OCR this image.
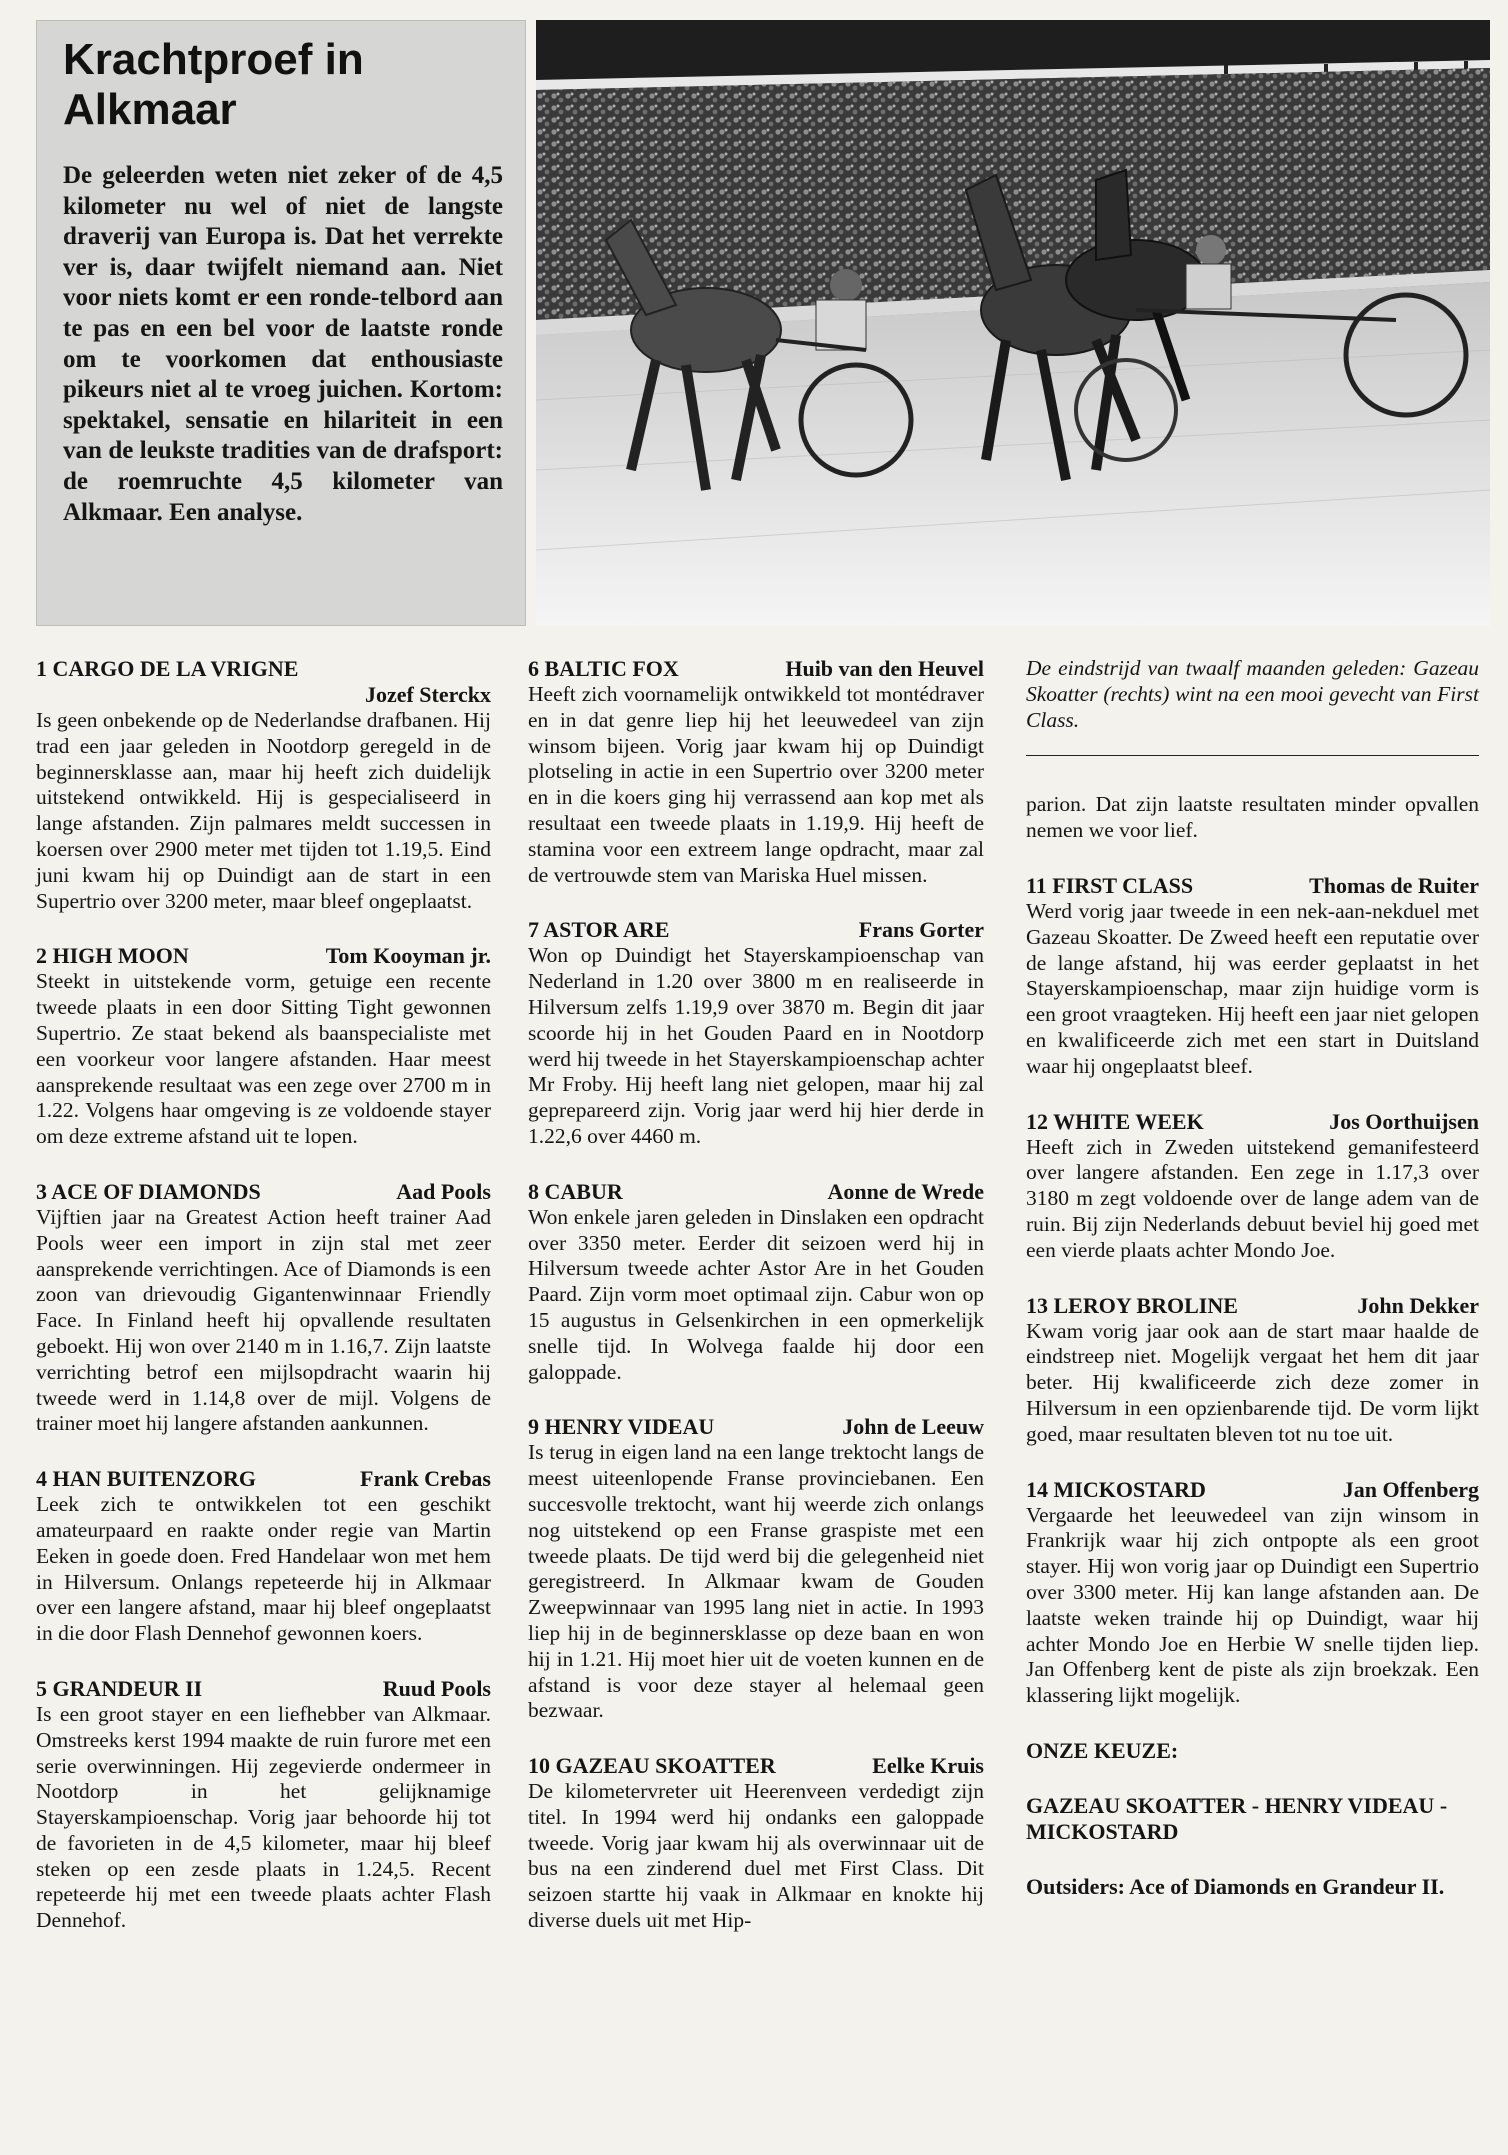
Krachtproef in Alkmaar

De geleerden weten niet zeker of de 4,5 kilometer nu wel of niet de langste draverij van Europa is. Dat het verrekte ver is, daar twijfelt niemand aan. Niet voor niets komt er een ronde-telbord aan te pas en een bel voor de laatste ronde om te voorkomen dat enthousiaste pikeurs niet al te vroeg juichen. Kortom: spektakel, sensatie en hilariteit in een van de leukste tradities van de drafsport: de roemruchte 4,5 kilometer van Alkmaar. Een analyse.

1 CARGO DE LA VRIGNE
Jozef Sterckx

Is geen onbekende op de Nederlandse drafbanen. Hij trad een jaar geleden in Nootdorp geregeld in de beginnersklasse aan, maar hij heeft zich duidelijk uitstekend ontwikkeld. Hij is gespecialiseerd in lange afstanden. Zijn palmares meldt successen in koersen over 2900 meter met tijden tot 1.19,5. Eind juni kwam hij op Duindigt aan de start in een Supertrio over 3200 meter, maar bleef ongeplaatst.

2 HIGH MOON	Tom Kooyman jr.

Steekt in uitstekende vorm, getuige een recente tweede plaats in een door Sitting Tight gewonnen Supertrio. Ze staat bekend als baanspecialiste met een voorkeur voor langere afstanden. Haar meest aansprekende resultaat was een zege over 2700 m in 1.22. Volgens haar omgeving is ze voldoende stayer om deze extreme afstand uit te lopen.

3 ACE OF DIAMONDS	Aad Pools

Vijftien jaar na Greatest Action heeft trainer Aad Pools weer een import in zijn stal met zeer aansprekende verrichtingen. Ace of Diamonds is een zoon van drievoudig Gigantenwinnaar Friendly Face. In Finland heeft hij opvallende resultaten geboekt. Hij won over 2140 m in 1.16,7. Zijn laatste verrichting betrof een mijlsopdracht waarin hij tweede werd in 1.14,8 over de mijl. Volgens de trainer moet hij langere afstanden aankunnen.

4 HAN BUITENZORG	Frank Crebas

Leek zich te ontwikkelen tot een geschikt amateurpaard en raakte onder regie van Martin Eeken in goede doen. Fred Handelaar won met hem in Hilversum. Onlangs repeteerde hij in Alkmaar over een langere afstand, maar hij bleef ongeplaatst in die door Flash Dennehof gewonnen koers.

5 GRANDEUR II	Ruud Pools

Is een groot stayer en een liefhebber van Alkmaar. Omstreeks kerst 1994 maakte de ruin furore met een serie overwinningen. Hij zegevierde ondermeer in Nootdorp in het gelijknamige Stayerskampioenschap. Vorig jaar behoorde hij tot de favorieten in de 4,5 kilometer, maar hij bleef steken op een zesde plaats in 1.24,5. Recent repeteerde hij met een tweede plaats achter Flash Dennehof.

6 BALTIC FOX	Huib van den Heuvel

Heeft zich voornamelijk ontwikkeld tot montédraver en in dat genre liep hij het leeuwedeel van zijn winsom bijeen. Vorig jaar kwam hij op Duindigt plotseling in actie in een Supertrio over 3200 meter en in die koers ging hij verrassend aan kop met als resultaat een tweede plaats in 1.19,9. Hij heeft de stamina voor een extreem lange opdracht, maar zal de vertrouwde stem van Mariska Huel missen.

7 ASTOR ARE	Frans Gorter

Won op Duindigt het Stayerskampioenschap van Nederland in 1.20 over 3800 m en realiseerde in Hilversum zelfs 1.19,9 over 3870 m. Begin dit jaar scoorde hij in het Gouden Paard en in Nootdorp werd hij tweede in het Stayerskampioenschap achter Mr Froby. Hij heeft lang niet gelopen, maar hij zal geprepareerd zijn. Vorig jaar werd hij hier derde in 1.22,6 over 4460 m.

8 CABUR	Aonne de Wrede

Won enkele jaren geleden in Dinslaken een opdracht over 3350 meter. Eerder dit seizoen werd hij in Hilversum tweede achter Astor Are in het Gouden Paard. Zijn vorm moet optimaal zijn. Cabur won op 15 augustus in Gelsenkirchen in een opmerkelijk snelle tijd. In Wolvega faalde hij door een galoppade.

9 HENRY VIDEAU	John de Leeuw

Is terug in eigen land na een lange trektocht langs de meest uiteenlopende Franse provinciebanen. Een succesvolle trektocht, want hij weerde zich onlangs nog uitstekend op een Franse graspiste met een tweede plaats. De tijd werd bij die gelegenheid niet geregistreerd. In Alkmaar kwam de Gouden Zweepwinnaar van 1995 lang niet in actie. In 1993 liep hij in de beginnersklasse op deze baan en won hij in 1.21. Hij moet hier uit de voeten kunnen en de afstand is voor deze stayer al helemaal geen bezwaar.

10 GAZEAU SKOATTER	Eelke Kruis

De kilometervreter uit Heerenveen verdedigt zijn titel. In 1994 werd hij ondanks een galoppade tweede. Vorig jaar kwam hij als overwinnaar uit de bus na een zinderend duel met First Class. Dit seizoen startte hij vaak in Alkmaar en knokte hij diverse duels uit met Hip-

De eindstrijd van twaalf maanden geleden: Gazeau Skoatter (rechts) wint na een mooi gevecht van First Class.

parion. Dat zijn laatste resultaten minder opvallen nemen we voor lief.

11 FIRST CLASS	Thomas de Ruiter

Werd vorig jaar tweede in een nek-aan-nekduel met Gazeau Skoatter. De Zweed heeft een reputatie over de lange afstand, hij was eerder geplaatst in het Stayerskampioenschap, maar zijn huidige vorm is een groot vraagteken. Hij heeft een jaar niet gelopen en kwalificeerde zich met een start in Duitsland waar hij ongeplaatst bleef.

12 WHITE WEEK	Jos Oorthuijsen

Heeft zich in Zweden uitstekend gemanifesteerd over langere afstanden. Een zege in 1.17,3 over 3180 m zegt voldoende over de lange adem van de ruin. Bij zijn Nederlands debuut beviel hij goed met een vierde plaats achter Mondo Joe.

13 LEROY BROLINE	John Dekker

Kwam vorig jaar ook aan de start maar haalde de eindstreep niet. Mogelijk vergaat het hem dit jaar beter. Hij kwalificeerde zich deze zomer in Hilversum in een opzienbarende tijd. De vorm lijkt goed, maar resultaten bleven tot nu toe uit.

14 MICKOSTARD	Jan Offenberg

Vergaarde het leeuwedeel van zijn winsom in Frankrijk waar hij zich ontpopte als een groot stayer. Hij won vorig jaar op Duindigt een Supertrio over 3300 meter. Hij kan lange afstanden aan. De laatste weken trainde hij op Duindigt, waar hij achter Mondo Joe en Herbie W snelle tijden liep. Jan Offenberg kent de piste als zijn broekzak. Een klassering lijkt mogelijk.

ONZE KEUZE:

GAZEAU SKOATTER - HENRY VIDEAU - MICKOSTARD

Outsiders: Ace of Diamonds en Grandeur II.
